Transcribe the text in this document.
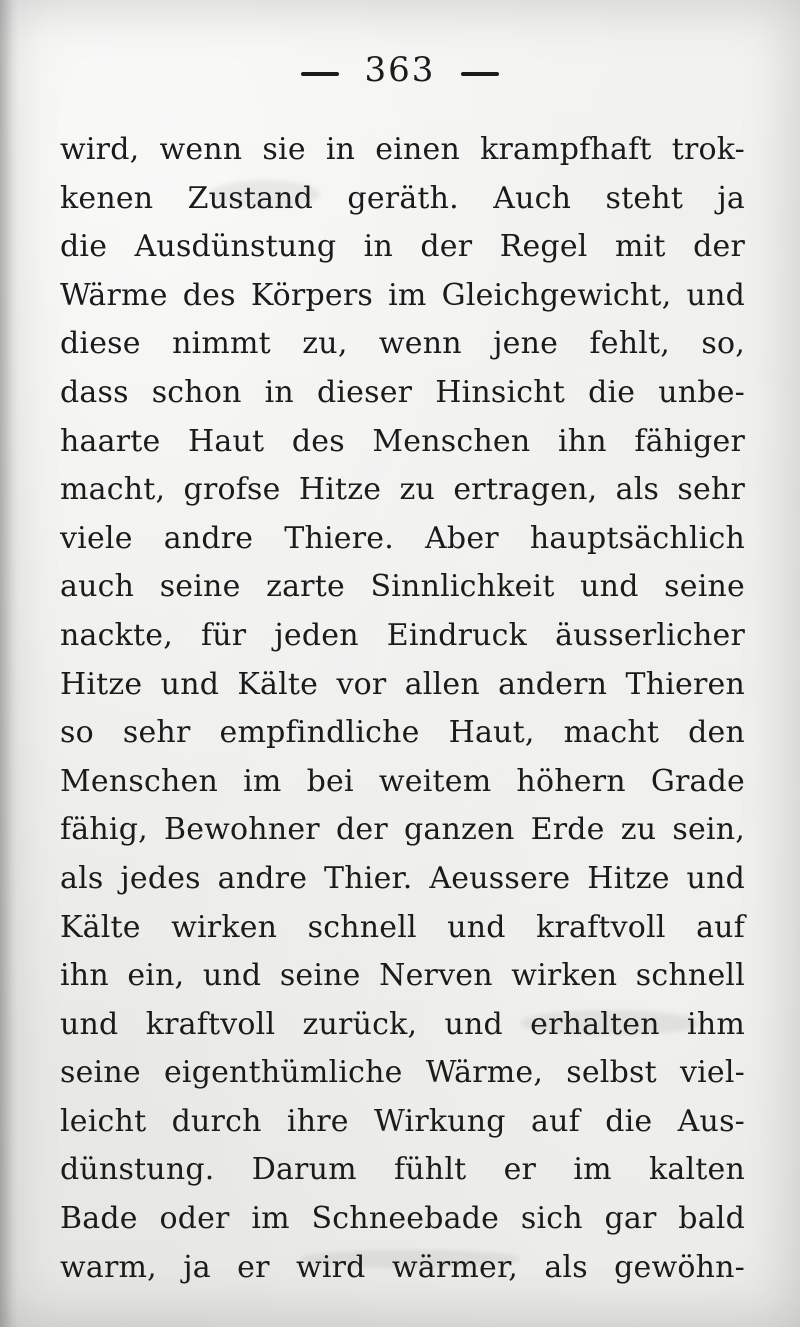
363
wird, wenn sie in einen krampfhaft trok-
kenen Zustand geräth. Auch steht ja
die Ausdünstung in der Regel mit der
Wärme des Körpers im Gleichgewicht, und
diese nimmt zu, wenn jene fehlt, so,
dass schon in dieser Hinsicht die unbe-
haarte Haut des Menschen ihn fähiger
macht, grofse Hitze zu ertragen, als sehr
viele andre Thiere. Aber hauptsächlich
auch seine zarte Sinnlichkeit und seine
nackte, für jeden Eindruck äusserlicher
Hitze und Kälte vor allen andern Thieren
so sehr empfindliche Haut, macht den
Menschen im bei weitem höhern Grade
fähig, Bewohner der ganzen Erde zu sein,
als jedes andre Thier. Aeussere Hitze und
Kälte wirken schnell und kraftvoll auf
ihn ein, und seine Nerven wirken schnell
und kraftvoll zurück, und erhalten ihm
seine eigenthümliche Wärme, selbst viel-
leicht durch ihre Wirkung auf die Aus-
dünstung. Darum fühlt er im kalten
Bade oder im Schneebade sich gar bald
warm, ja er wird wärmer, als gewöhn-
